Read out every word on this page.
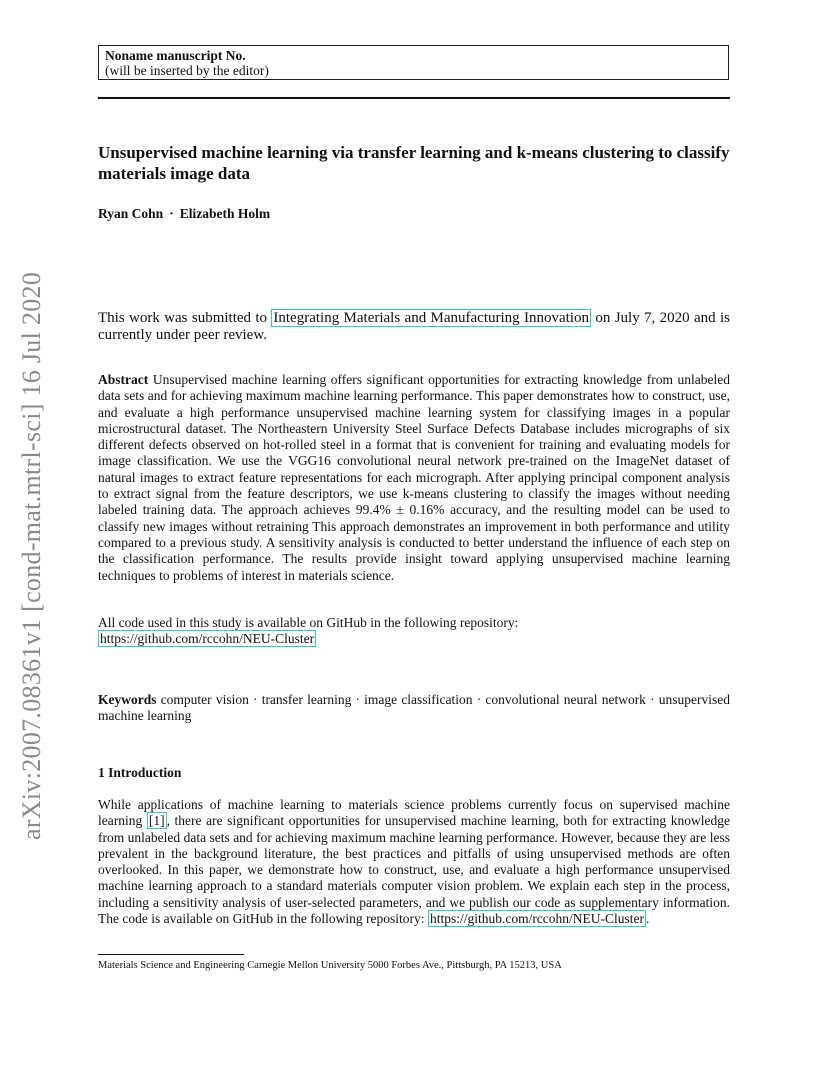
arXiv:2007.08361v1 [cond-mat.mtrl-sci] 16 Jul 2020
Noname manuscript No.
(will be inserted by the editor)
Unsupervised machine learning via transfer learning and k-means clustering to classify materials image data
Ryan Cohn · Elizabeth Holm
This work was submitted to Integrating Materials and Manufacturing Innovation on July 7, 2020 and is currently under peer review.
Abstract Unsupervised machine learning offers significant opportunities for extracting knowledge from unlabeled data sets and for achieving maximum machine learning performance. This paper demonstrates how to construct, use, and evaluate a high performance unsupervised machine learning system for classifying images in a popular microstructural dataset. The Northeastern University Steel Surface Defects Database includes micrographs of six different defects observed on hot-rolled steel in a format that is convenient for training and evaluating models for image classification. We use the VGG16 convolutional neural network pre-trained on the ImageNet dataset of natural images to extract feature representations for each micrograph. After applying principal component analysis to extract signal from the feature descriptors, we use k-means clustering to classify the images without needing labeled training data. The approach achieves 99.4% ± 0.16% accuracy, and the resulting model can be used to classify new images without retraining This approach demonstrates an improvement in both performance and utility compared to a previous study. A sensitivity analysis is conducted to better understand the influence of each step on the classification performance. The results provide insight toward applying unsupervised machine learning techniques to problems of interest in materials science.
All code used in this study is available on GitHub in the following repository:
https://github.com/rccohn/NEU-Cluster
Keywords computer vision · transfer learning · image classification · convolutional neural network · unsupervised machine learning
1 Introduction
While applications of machine learning to materials science problems currently focus on supervised machine learning [1] , there are significant opportunities for unsupervised machine learning, both for extracting knowledge from unlabeled data sets and for achieving maximum machine learning performance. However, because they are less prevalent in the background literature, the best practices and pitfalls of using unsupervised methods are often overlooked. In this paper, we demonstrate how to construct, use, and evaluate a high performance unsupervised machine learning approach to a standard materials computer vision problem. We explain each step in the process, including a sensitivity analysis of user-selected parameters, and we publish our code as supplementary information. The code is available on GitHub in the following repository: https://github.com/rccohn/NEU-Cluster .
Materials Science and Engineering Carnegie Mellon University 5000 Forbes Ave., Pittsburgh, PA 15213, USA
